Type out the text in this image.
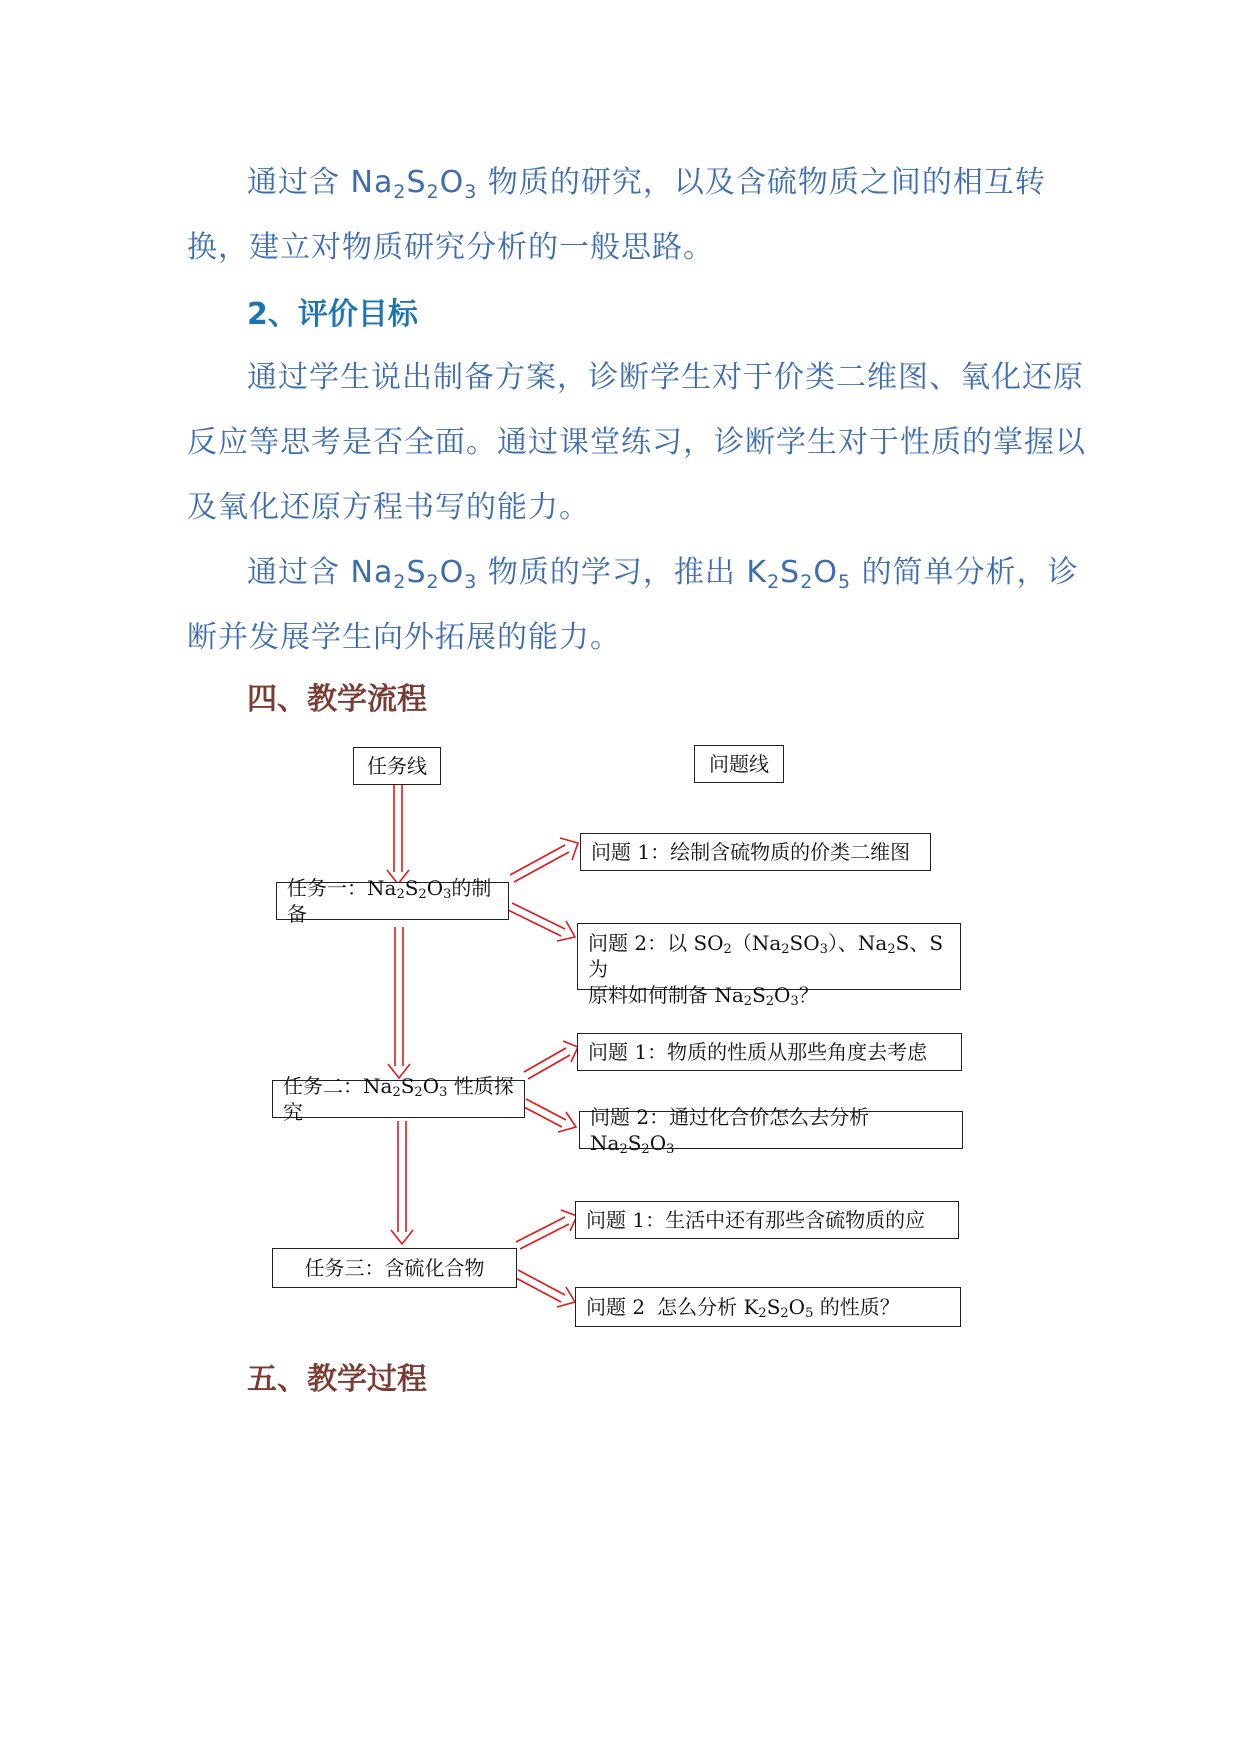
通过含 $Na_2S_2O_3$ 物质的研究，以及含硫物质之间的相互转换，建立对物质研究分析的一般思路。

2、评价目标

通过学生说出制备方案，诊断学生对于价类二维图、氧化还原反应等思考是否全面。通过课堂练习，诊断学生对于性质的掌握以及氧化还原方程书写的能力。

通过含 $Na_2S_2O_3$ 物质的学习，推出 $K_2S_2O_5$ 的简单分析，诊断并发展学生向外拓展的能力。

四、教学流程
任务线	问题线
任务一：$Na_2S_2O_3$的制备
问题 1：绘制含硫物质的价类二维图
问题 2：以 $SO_2(Na_2SO_3)$、$Na_2S$、S 为
原料如何制备 $Na_2S_2O_3$？
任务二：$Na_2S_2O_3$ 性质探究
问题 1：物质的性质从那些角度去考虑
问题 2：通过化合价怎么去分析 $Na_2S_2O_3$
任务三：含硫化合物
问题 1：生活中还有那些含硫物质的应
问题 2 怎么分析 $K_2S_2O_5$ 的性质？
五、教学过程
